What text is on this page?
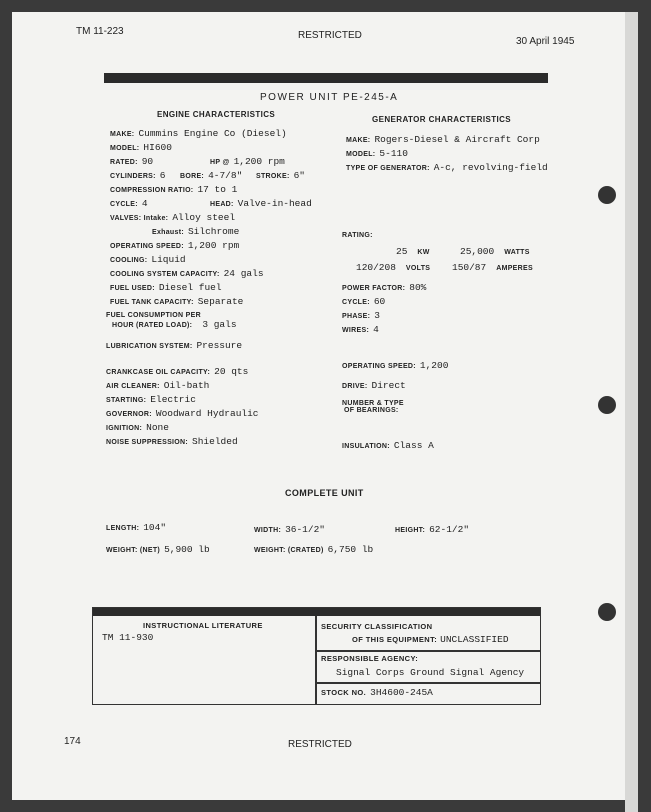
TM 11-223	RESTRICTED
30 April 1945
POWER UNIT PE-245-A
ENGINE CHARACTERISTICS
GENERATOR CHARACTERISTICS
COMPLETE UNIT
LENGTH: 104"	WIDTH: 36-1/2"	HEIGHT: 62-1/2"
WEIGHT: (NET) 5,900 lb	WEIGHT: (CRATED) 6,750 lb
INSTRUCTIONAL LITERATURE
TM 11-930
SECURITY CLASSIFICATION
OF THIS EQUIPMENT: UNCLASSIFIED
RESPONSIBLE AGENCY:
Signal Corps Ground Signal Agency
STOCK NO. 3H4600-245A
174	RESTRICTED
MAKE: Cummins Engine Co (Diesel)
MODEL: HI600
RATED: 90	HP @ 1,200 rpm
CYLINDERS: 6 BORE: 4-7/8" STROKE: 6"
COMPRESSION RATIO: 17 to 1
CYCLE: 4	HEAD: Valve-in-head
VALVES: Intake: Alloy steel
Exhaust: Silchrome
OPERATING SPEED: 1,200 rpm
COOLING: Liquid
COOLING SYSTEM CAPACITY: 24 gals
FUEL USED: Diesel fuel
FUEL TANK CAPACITY: Separate
FUEL CONSUMPTION PER
HOUR (RATED LOAD): 3 gals
LUBRICATION SYSTEM: Pressure
CRANKCASE OIL CAPACITY: 20 qts
AIR CLEANER: Oil-bath
STARTING: Electric
GOVERNOR: Woodward Hydraulic
IGNITION: None
NOISE SUPPRESSION: Shielded
MAKE: Rogers-Diesel & Aircraft Corp
MODEL: 5-110
TYPE OF GENERATOR: A-c, revolving-field
RATING:
25 KW	25,000 WATTS
120/208 VOLTS 150/87 AMPERES
POWER FACTOR: 80%
CYCLE: 60
PHASE: 3
WIRES: 4
OPERATING SPEED: 1,200
DRIVE: Direct
NUMBER & TYPE
OF BEARINGS:
INSULATION: Class A
